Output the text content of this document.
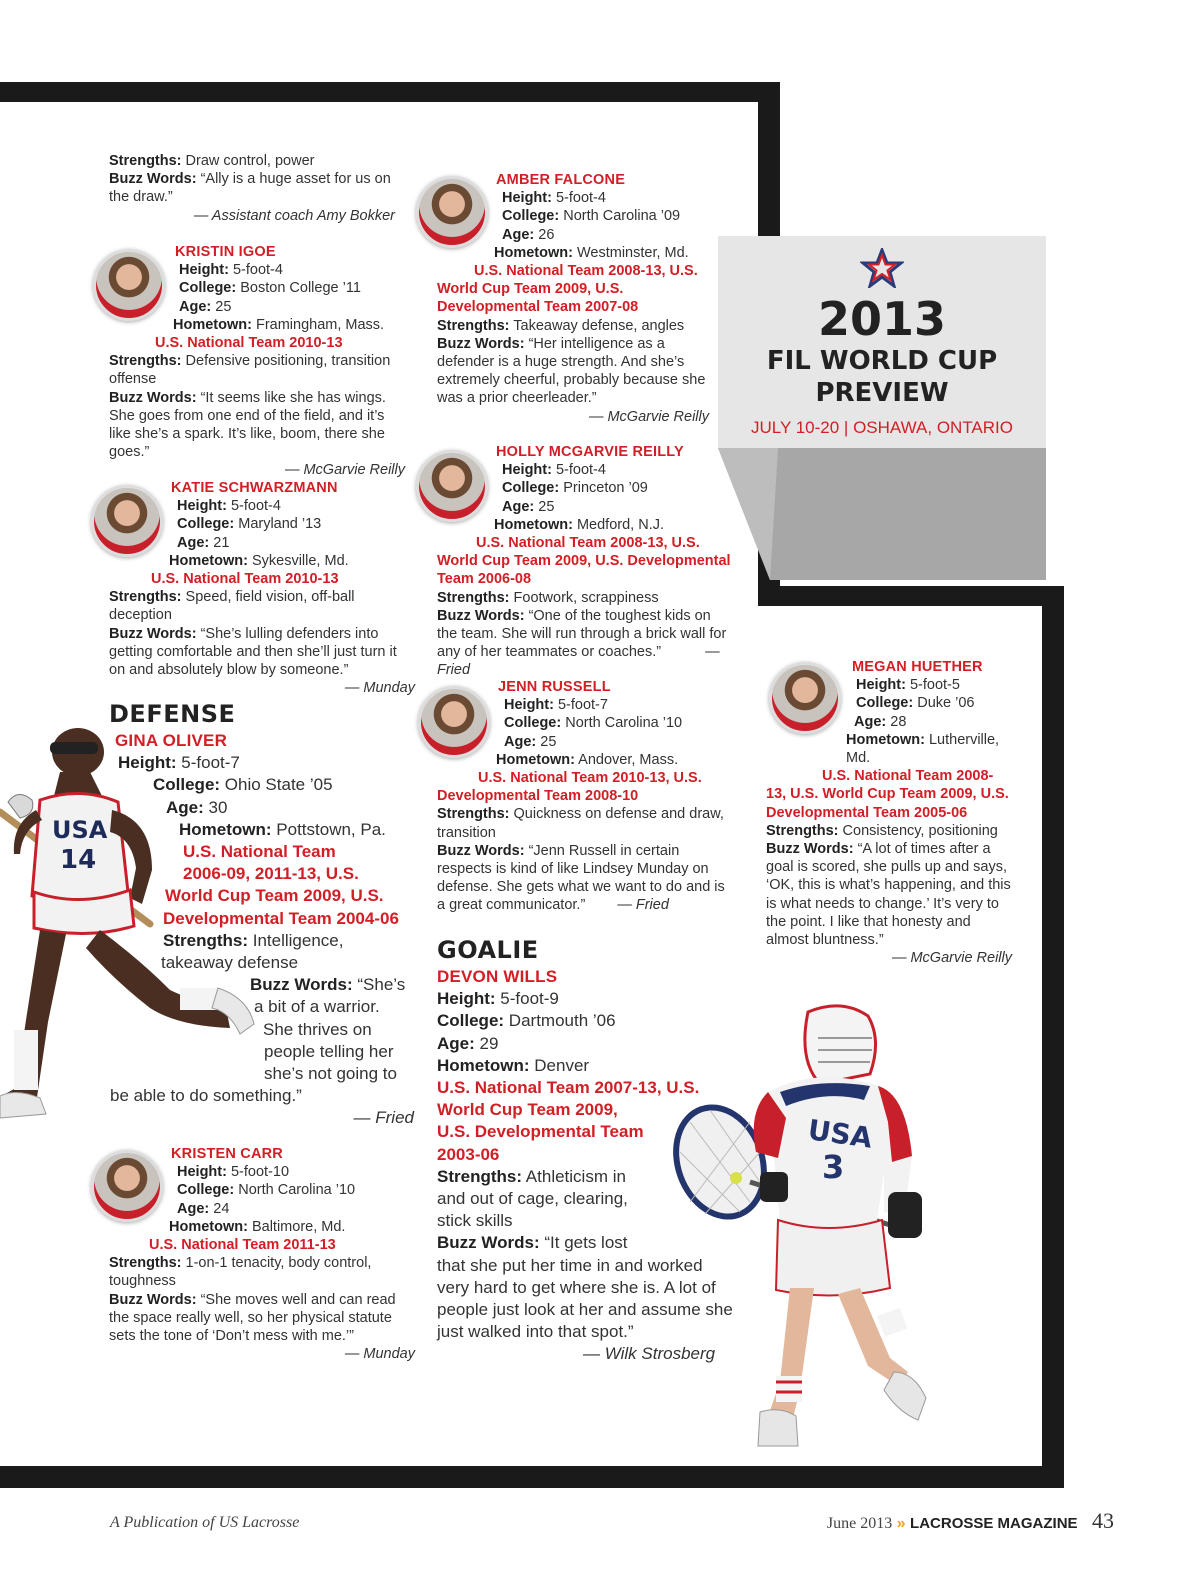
2013
FIL WORLD CUP
PREVIEW
JULY 10-20 | OSHAWA, ONTARIO

Strengths: Draw control, power

Buzz Words: “Ally is a huge asset for us on the draw.”

— Assistant coach Amy Bokker

KRISTIN IGOE

Height: 5-foot-4

College: Boston College ’11

Age: 25

Hometown: Framingham, Mass.

U.S. National Team 2010-13

Strengths: Defensive positioning, transition offense

Buzz Words: “It seems like she has wings. She goes from one end of the field, and it’s like she’s a spark. It’s like, boom, there she goes.”

— McGarvie Reilly

KATIE SCHWARZMANN

Height: 5-foot-4

College: Maryland ’13

Age: 21

Hometown: Sykesville, Md.

U.S. National Team 2010-13

Strengths: Speed, field vision, off-ball deception

Buzz Words: “She’s lulling defenders into getting comfortable and then she’ll just turn it on and absolutely blow by someone.”

— Munday

DEFENSE
USA
14

GINA OLIVER

Height: 5-foot-7

College: Ohio State ’05

Age: 30

Hometown: Pottstown, Pa.

U.S. National Team

2006-09, 2011-13, U.S.

World Cup Team 2009, U.S.

Developmental Team 2004-06

Strengths: Intelligence,

takeaway defense

Buzz Words: “She’s

a bit of a warrior.

She thrives on

people telling her

she’s not going to

be able to do something.”

— Fried

KRISTEN CARR

Height: 5-foot-10

College: North Carolina ’10

Age: 24

Hometown: Baltimore, Md.

U.S. National Team 2011-13

Strengths: 1-on-1 tenacity, body control, toughness

Buzz Words: “She moves well and can read the space really well, so her physical statute sets the tone of ‘Don’t mess with me.’”

— Munday

AMBER FALCONE

Height: 5-foot-4

College: North Carolina ’09

Age: 26

Hometown: Westminster, Md.

U.S. National Team 2008-13, U.S. World Cup Team 2009, U.S. Developmental Team 2007-08

Strengths: Takeaway defense, angles

Buzz Words: “Her intelligence as a defender is a huge strength. And she’s extremely cheerful, probably because she was a prior cheerleader.”

— McGarvie Reilly

HOLLY MCGARVIE REILLY

Height: 5-foot-4

College: Princeton ’09

Age: 25

Hometown: Medford, N.J.

U.S. National Team 2008-13, U.S. World Cup Team 2009, U.S. Developmental Team 2006-08

Strengths: Footwork, scrappiness

Buzz Words: “One of the toughest kids on the team. She will run through a brick wall for any of her teammates or coaches.”	— Fried

JENN RUSSELL

Height: 5-foot-7

College: North Carolina ’10

Age: 25

Hometown: Andover, Mass.

U.S. National Team 2010-13, U.S. Developmental Team 2008-10

Strengths: Quickness on defense and draw, transition

Buzz Words: “Jenn Russell in certain respects is kind of like Lindsey Munday on defense. She gets what we want to do and is a great communicator.” — Fried

GOALIE

DEVON WILLS

Height: 5-foot-9

College: Dartmouth ’06

Age: 29

Hometown: Denver

U.S. National Team 2007-13, U.S.

World Cup Team 2009,

U.S. Developmental Team

2003-06

Strengths: Athleticism in

and out of cage, clearing,

stick skills

Buzz Words: “It gets lost

that she put her time in and worked

very hard to get where she is. A lot of

people just look at her and assume she

just walked into that spot.”

— Wilk Strosberg

USA
3

MEGAN HUETHER

Height: 5-foot-5

College: Duke ’06

Age: 28

Hometown: Lutherville, Md.

U.S. National Team 2008-13, U.S. World Cup Team 2009, U.S. Developmental Team 2005-06

Strengths: Consistency, positioning

Buzz Words: “A lot of times after a goal is scored, she pulls up and says, ‘OK, this is what’s happening, and this is what needs to change.’ It’s very to the point. I like that honesty and almost bluntness.”

— McGarvie Reilly

A Publication of US Lacrosse	June 2013 » LACROSSE MAGAZINE 43
